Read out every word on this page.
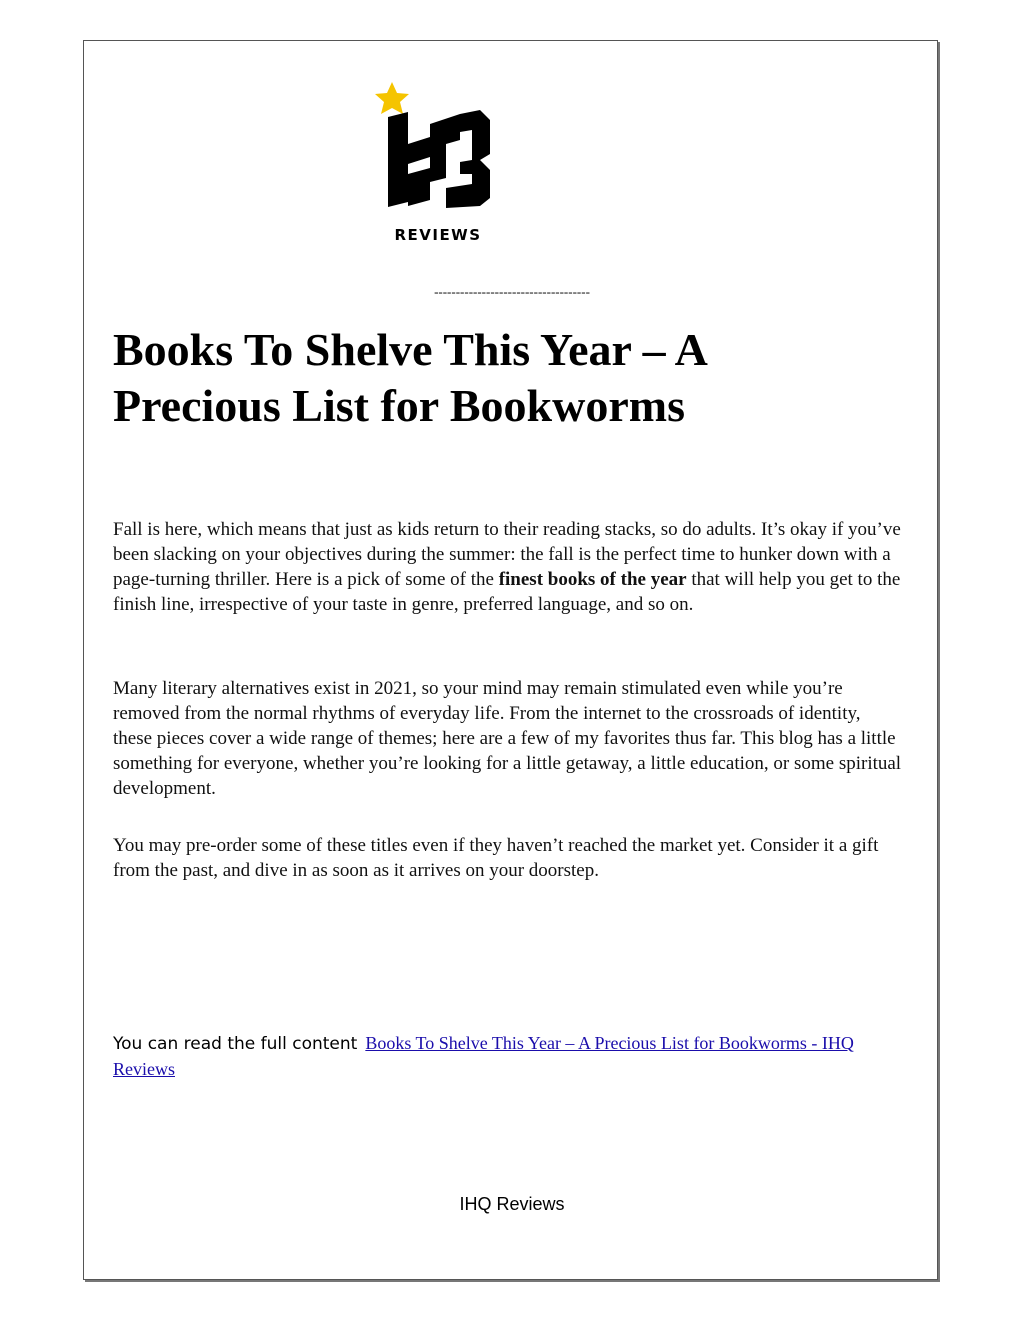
REVIEWS
------------------------------------
Books To Shelve This Year – A Precious List for Bookworms

Fall is here, which means that just as kids return to their reading stacks, so do adults. It’s okay if you’ve been slacking on your objectives during the summer: the fall is the perfect time to hunker down with a page-turning thriller. Here is a pick of some of the finest books of the year that will help you get to the finish line, irrespective of your taste in genre, preferred language, and so on.

Many literary alternatives exist in 2021, so your mind may remain stimulated even while you’re removed from the normal rhythms of everyday life. From the internet to the crossroads of identity, these pieces cover a wide range of themes; here are a few of my favorites thus far. This blog has a little something for everyone, whether you’re looking for a little getaway, a little education, or some spiritual development.

You may pre-order some of these titles even if they haven’t reached the market yet. Consider it a gift from the past, and dive in as soon as it arrives on your doorstep.

You can read the full content Books To Shelve This Year – A Precious List for Bookworms - IHQ Reviews
IHQ Reviews
